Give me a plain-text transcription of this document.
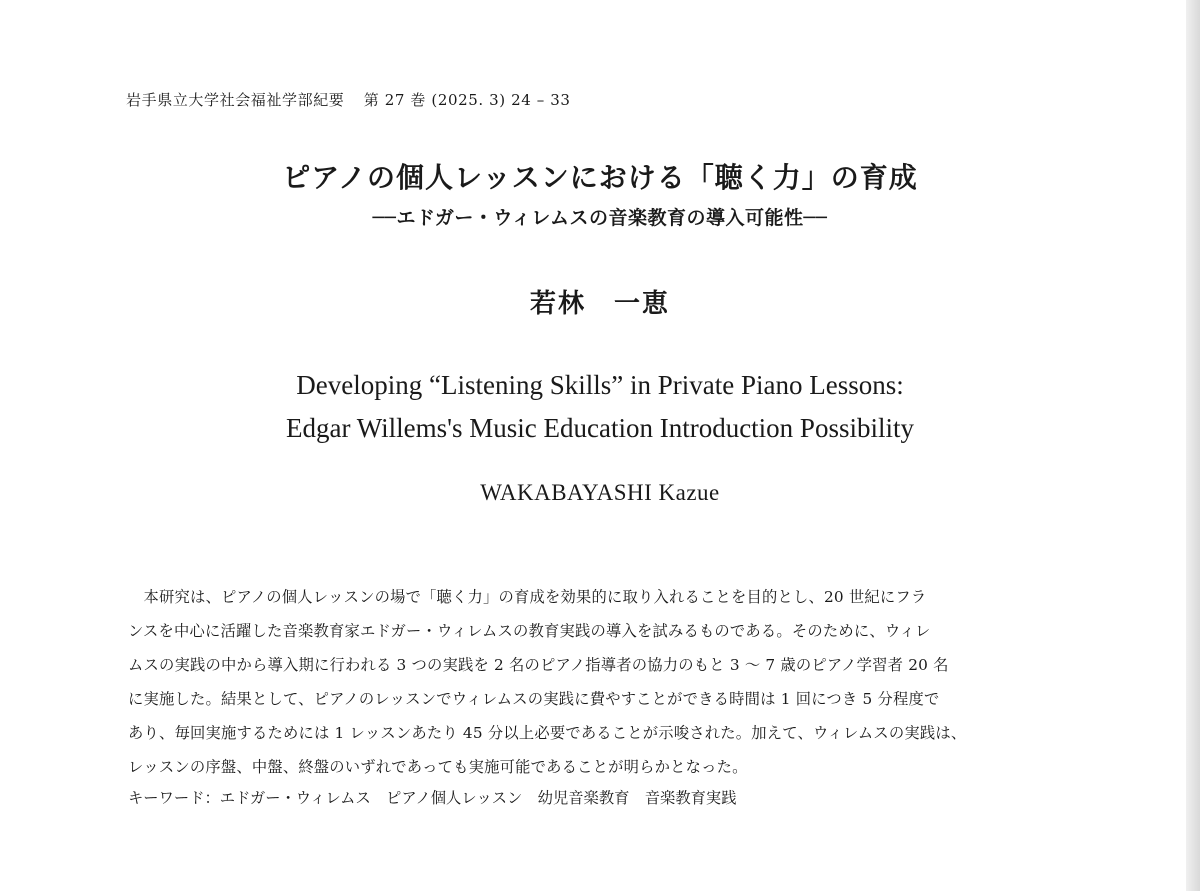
岩手県立大学社会福祉学部紀要 第 27 巻 (2025. 3) 24 – 33
ピアノの個人レッスンにおける「聴く力」の育成
──エドガー・ウィレムスの音楽教育の導入可能性──
若林　一恵
Developing “Listening Skills” in Private Piano Lessons:
Edgar Willems's Music Education Introduction Possibility
WAKABAYASHI Kazue

　本研究は、ピアノの個人レッスンの場で「聴く力」の育成を効果的に取り入れることを目的とし、20 世紀にフラ
ンスを中心に活躍した音楽教育家エドガー・ウィレムスの教育実践の導入を試みるものである。そのために、ウィレ
ムスの実践の中から導入期に行われる 3 つの実践を 2 名のピアノ指導者の協力のもと 3 ～ 7 歳のピアノ学習者 20 名
に実施した。結果として、ピアノのレッスンでウィレムスの実践に費やすことができる時間は 1 回につき 5 分程度で
あり、毎回実施するためには 1 レッスンあたり 45 分以上必要であることが示唆された。加えて、ウィレムスの実践は、
レッスンの序盤、中盤、終盤のいずれであっても実施可能であることが明らかとなった。

キーワード：エドガー・ウィレムス　ピアノ個人レッスン　幼児音楽教育　音楽教育実践
